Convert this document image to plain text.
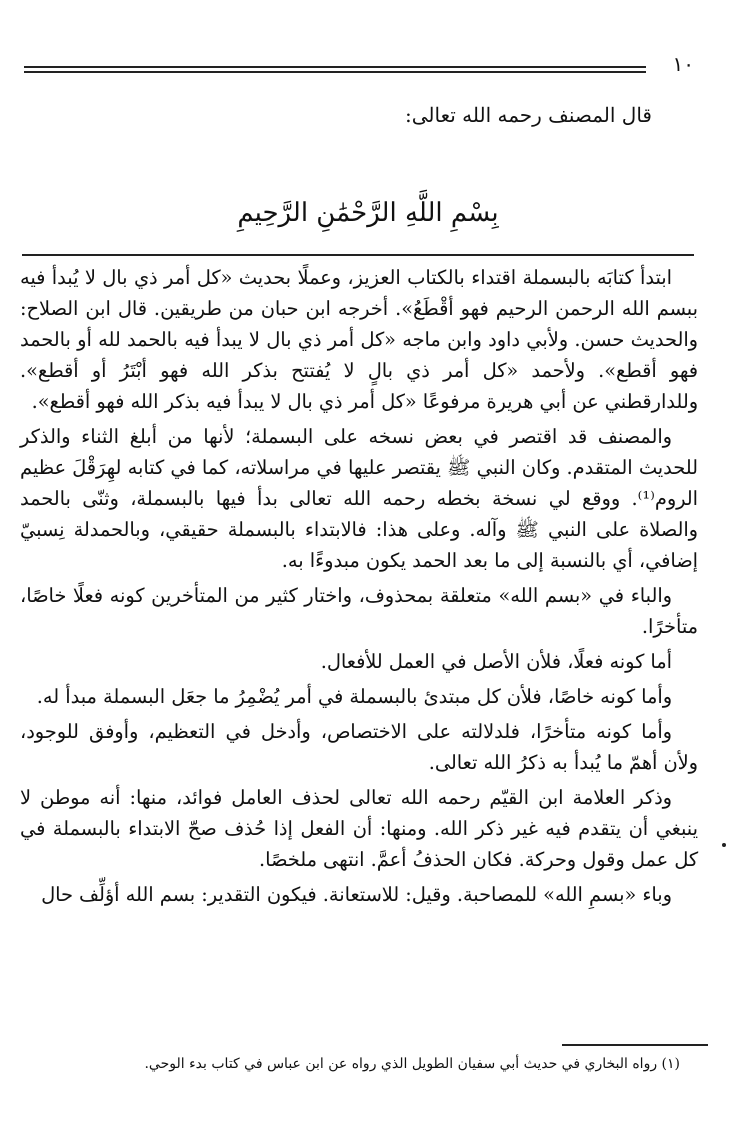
١٠
قال المصنف رحمه الله تعالى:
بِسْمِ اللَّهِ الرَّحْمَٰنِ الرَّحِيمِ

ابتدأ كتابَه بالبسملة اقتداء بالكتاب العزيز، وعملًا بحديث «كل أمر ذي بال لا يُبدأ فيه ببسم الله الرحمن الرحيم فهو أقْطَعُ». أخرجه ابن حبان من طريقين. قال ابن الصلاح: والحديث حسن. ولأبي داود وابن ماجه «كل أمر ذي بال لا يبدأ فيه بالحمد لله أو بالحمد فهو أقطع». ولأحمد «كل أمر ذي بالٍ لا يُفتتح بذكر الله فهو أبْتَرُ أو أقطع». وللدارقطني عن أبي هريرة مرفوعًا «كل أمر ذي بال لا يبدأ فيه بذكر الله فهو أقطع».

والمصنف قد اقتصر في بعض نسخه على البسملة؛ لأنها من أبلغ الثناء والذكر للحديث المتقدم. وكان النبي ﷺ يقتصر عليها في مراسلاته، كما في كتابه لهِرَقْلَ عظيم الروم⁽¹⁾. ووقع لي نسخة بخطه رحمه الله تعالى بدأ فيها بالبسملة، وثنّى بالحمد والصلاة على النبي ﷺ وآله. وعلى هذا: فالابتداء بالبسملة حقيقي، وبالحمدلة نِسبيّ إضافي، أي بالنسبة إلى ما بعد الحمد يكون مبدوءًا به.

والباء في «بسم الله» متعلقة بمحذوف، واختار كثير من المتأخرين كونه فعلًا خاصًا، متأخرًا.

أما كونه فعلًا، فلأن الأصل في العمل للأفعال.

وأما كونه خاصًا، فلأن كل مبتدئ بالبسملة في أمر يُضْمِرُ ما جعَل البسملة مبدأ له.

وأما كونه متأخرًا، فلدلالته على الاختصاص، وأدخل في التعظيم، وأوفق للوجود، ولأن أهمّ ما يُبدأ به ذكرُ الله تعالى.

وذكر العلامة ابن القيّم رحمه الله تعالى لحذف العامل فوائد، منها: أنه موطن لا ينبغي أن يتقدم فيه غير ذكر الله. ومنها: أن الفعل إذا حُذف صحّ الابتداء بالبسملة في كل عمل وقول وحركة. فكان الحذفُ أعمَّ. انتهى ملخصًا.

وباء «بسمِ الله» للمصاحبة. وقيل: للاستعانة. فيكون التقدير: بسم الله أؤلِّف حال

(١) رواه البخاري في حديث أبي سفيان الطويل الذي رواه عن ابن عباس في كتاب بدء الوحي.
